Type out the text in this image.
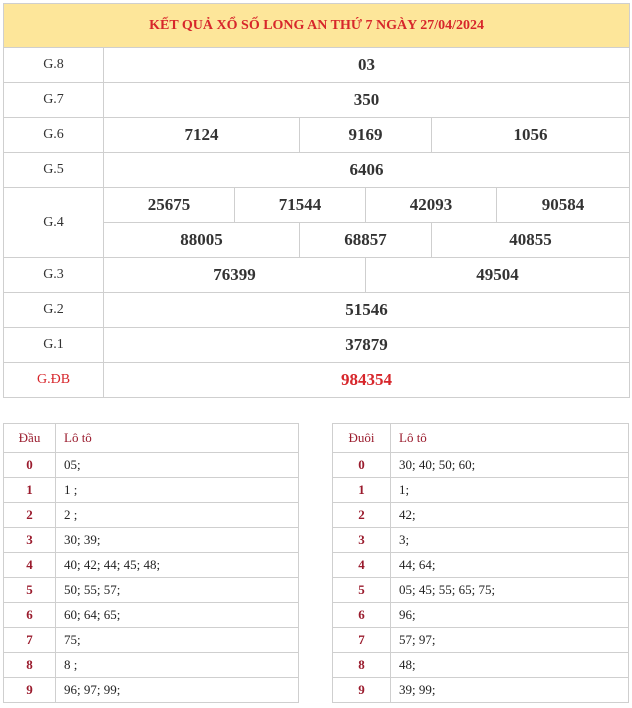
KẾT QUẢ XỔ SỐ LONG AN THỨ 7 NGÀY 27/04/2024						
G.8	03					
G.7	350					
G.6	7124		9169		1056	
G.5	6406					
G.4	25675	71544		42093		90584
	88005		68857		40855	
G.3	76399			49504		
G.2	51546					
G.1	37879					
G.ĐB	984354					
Đầu	Lô tô
0	05;
1	1 ;
2	2 ;
3	30; 39;
4	40; 42; 44; 45; 48;
5	50; 55; 57;
6	60; 64; 65;
7	75;
8	8 ;
9	96; 97; 99;
Đuôi	Lô tô
0	30; 40; 50; 60;
1	1;
2	42;
3	3;
4	44; 64;
5	05; 45; 55; 65; 75;
6	96;
7	57; 97;
8	48;
9	39; 99;
